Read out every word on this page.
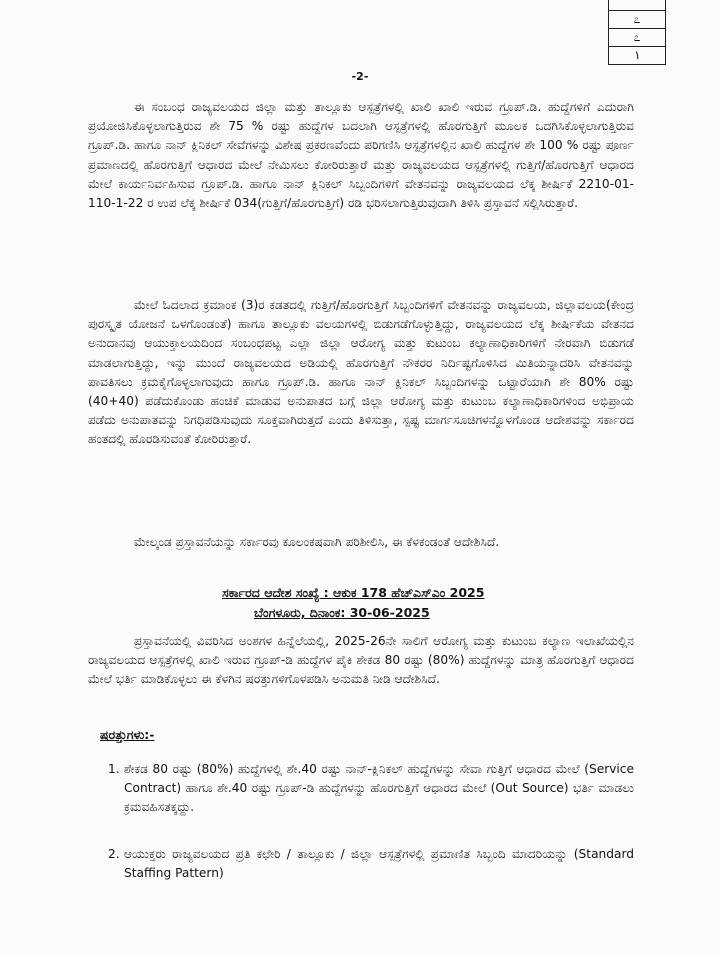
೭
೭
١
-2-

ಈ ಸಂಬಂಧ ರಾಜ್ಯವಲಯದ ಜಿಲ್ಲಾ ಮತ್ತು ತಾಲ್ಲೂಕು ಆಸ್ಪತ್ರೆಗಳಲ್ಲಿ ಖಾಲಿ ಖಾಲಿ ಇರುವ ಗ್ರೂಪ್.ಡಿ. ಹುದ್ದೆಗಳಿಗೆ ಎದುರಾಗಿ ಪ್ರಯೋಜಿಸಿಕೊಳ್ಳಲಾಗುತ್ತಿರುವ ಶೇ 75 % ರಷ್ಟು ಹುದ್ದೆಗಳ ಬದಲಾಗಿ ಆಸ್ಪತ್ರೆಗಳಲ್ಲಿ ಹೊರಗುತ್ತಿಗೆ ಮೂಲಕ ಒದಗಿಸಿಕೊಳ್ಳಲಾಗುತ್ತಿರುವ ಗ್ರೂಪ್.ಡಿ. ಹಾಗೂ ನಾನ್ ಕ್ಲಿನಿಕಲ್ ಸೇವೆಗಳನ್ನು ವಿಶೇಷ ಪ್ರಕರಣವೆಂದು ಪರಿಗಣಿಸಿ ಆಸ್ಪತ್ರೆಗಳಲ್ಲಿನ ಖಾಲಿ ಹುದ್ದೆಗಳ ಶೇ 100 % ರಷ್ಟು ಪೂರ್ಣ ಪ್ರಮಾಣದಲ್ಲಿ ಹೊರಗುತ್ತಿಗೆ ಆಧಾರದ ಮೇಲೆ ನೇಮಿಸಲು ಕೋರಿರುತ್ತಾರೆ ಮತ್ತು ರಾಜ್ಯವಲಯದ ಆಸ್ಪತ್ರೆಗಳಲ್ಲಿ ಗುತ್ತಿಗೆ/ಹೊರಗುತ್ತಿಗೆ ಆಧಾರದ ಮೇಲೆ ಕಾರ್ಯನಿರ್ವಹಿಸುವ ಗ್ರೂಪ್.ಡಿ. ಹಾಗೂ ನಾನ್ ಕ್ಲಿನಿಕಲ್ ಸಿಬ್ಬಂದಿಗಳಿಗೆ ವೇತನವನ್ನು ರಾಜ್ಯವಲಯದ ಲೆಕ್ಕ ಶೀರ್ಷಿಕೆ 2210-01-110-1-22 ರ ಉಪ ಲೆಕ್ಕ ಶೀರ್ಷಿಕೆ 034(ಗುತ್ತಿಗೆ/ಹೊರಗುತ್ತಿಗೆ) ರಡಿ ಭರಿಸಲಾಗುತ್ತಿರುವುದಾಗಿ ತಿಳಿಸಿ ಪ್ರಸ್ತಾವನೆ ಸಲ್ಲಿಸಿರುತ್ತಾರೆ.

ಮೇಲೆ ಓದಲಾದ ಕ್ರಮಾಂಕ (3)ರ ಕಡತದಲ್ಲಿ ಗುತ್ತಿಗೆ/ಹೊರಗುತ್ತಿಗೆ ಸಿಬ್ಬಂದಿಗಳಿಗೆ ವೇತನವನ್ನು ರಾಜ್ಯವಲಯ, ಜಿಲ್ಲಾವಲಯ(ಕೇಂದ್ರ ಪುರಸ್ಕೃತ ಯೋಜನೆ ಒಳಗೊಂಡಂತೆ) ಹಾಗೂ ತಾಲ್ಲೂಕು ವಲಯಗಳಲ್ಲಿ ಬಿಡುಗಡೆಗೊಳ್ಳುತ್ತಿದ್ದು, ರಾಜ್ಯವಲಯದ ಲೆಕ್ಕ ಶೀರ್ಷಿಕೆಯ ವೇತನದ ಅನುದಾನವು ಆಯುಕ್ತಾಲಯದಿಂದ ಸಂಬಂಧಪಟ್ಟ ಎಲ್ಲಾ ಜಿಲ್ಲಾ ಆರೋಗ್ಯ ಮತ್ತು ಕುಟುಂಬ ಕಲ್ಯಾಣಾಧಿಕಾರಿಗಳಿಗೆ ನೇರವಾಗಿ ಬಿಡುಗಡೆ ಮಾಡಲಾಗುತ್ತಿದ್ದು, ಇನ್ನು ಮುಂದೆ ರಾಜ್ಯವಲಯದ ಅಡಿಯಲ್ಲಿ ಹೊರಗುತ್ತಿಗೆ ನೌಕರರ ನಿರ್ದಿಷ್ಟಗೊಳಿಸಿದ ಮಿತಿಯನ್ನಾದರಿಸಿ ವೇತನವನ್ನು ಪಾವತಿಸಲು ಕ್ರಮಕೈಗೊಳ್ಳಲಾಗುವುದು ಹಾಗೂ ಗ್ರೂಪ್.ಡಿ. ಹಾಗೂ ನಾನ್ ಕ್ಲಿನಿಕಲ್ ಸಿಬ್ಬಂದಿಗಳನ್ನು ಒಟ್ಟಾರೆಯಾಗಿ ಶೇ 80% ರಷ್ಟು (40+40) ಪಡೆದುಕೊಂಡು ಹಂಚಿಕೆ ಮಾಡುವ ಅನುಪಾತದ ಬಗ್ಗೆ ಜಿಲ್ಲಾ ಆರೋಗ್ಯ ಮತ್ತು ಕುಟುಂಬ ಕಲ್ಯಾಣಾಧಿಕಾರಿಗಳಿಂದ ಅಭಿಪ್ರಾಯ ಪಡೆದು ಅನುಪಾತವನ್ನು ನಿಗಧಿಪಡಿಸುವುದು ಸೂಕ್ತವಾಗಿರುತ್ತದೆ ಎಂದು ತಿಳಿಸುತ್ತಾ, ಸ್ಪಷ್ಟ ಮಾರ್ಗಸೂಚಿಗಳನ್ನೊಳಗೊಂಡ ಆದೇಶವನ್ನು ಸರ್ಕಾರದ ಹಂತದಲ್ಲಿ ಹೊರಡಿಸುವಂತೆ ಕೋರಿರುತ್ತಾರೆ.

ಮೇಲ್ಕಂಡ ಪ್ರಸ್ತಾವನೆಯನ್ನು ಸರ್ಕಾರವು ಕೂಲಂಕಷವಾಗಿ ಪರಿಶೀಲಿಸಿ, ಈ ಕೆಳಕಂಡಂತೆ ಆದೇಶಿಸಿದೆ.

ಸರ್ಕಾರದ ಆದೇಶ ಸಂಖ್ಯೆ : ಆಕುಕ 178 ಹೆಚ್‌ಎಸ್‌ಎಂ 2025
ಬೆಂಗಳೂರು, ದಿನಾಂಕ: 30-06-2025

ಪ್ರಸ್ತಾವನೆಯಲ್ಲಿ ವಿವರಿಸಿದ ಅಂಶಗಳ ಹಿನ್ನೆಲೆಯಲ್ಲಿ, 2025-26ನೇ ಸಾಲಿಗೆ ಆರೋಗ್ಯ ಮತ್ತು ಕುಟುಂಬ ಕಲ್ಯಾಣ ಇಲಾಖೆಯಲ್ಲಿನ ರಾಜ್ಯವಲಯದ ಆಸ್ಪತ್ರೆಗಳಲ್ಲಿ ಖಾಲಿ ಇರುವ ಗ್ರೂಪ್-ಡಿ ಹುದ್ದೆಗಳ ಪೈಕಿ ಶೇಕಡ 80 ರಷ್ಟು (80%) ಹುದ್ದೆಗಳನ್ನು ಮಾತ್ರ ಹೊರಗುತ್ತಿಗೆ ಆಧಾರದ ಮೇಲೆ ಭರ್ತಿ ಮಾಡಿಕೊಳ್ಳಲು ಈ ಕೆಳಗಿನ ಷರತ್ತುಗಳಿಗೊಳಪಡಿಸಿ ಅನುಮತಿ ನೀಡಿ ಆದೇಶಿಸಿದೆ.

ಷರತ್ತುಗಳು:-

1. ಶೇಕಡ 80 ರಷ್ಟು (80%) ಹುದ್ದೆಗಳಲ್ಲಿ ಶೇ.40 ರಷ್ಟು ನಾನ್-ಕ್ಲಿನಿಕಲ್ ಹುದ್ದೆಗಳನ್ನು ಸೇವಾ ಗುತ್ತಿಗೆ ಆಧಾರದ ಮೇಲೆ (Service Contract) ಹಾಗೂ ಶೇ.40 ರಷ್ಟು ಗ್ರೂಪ್-ಡಿ ಹುದ್ದೆಗಳನ್ನು ಹೊರಗುತ್ತಿಗೆ ಆಧಾರದ ಮೇಲೆ (Out Source) ಭರ್ತಿ ಮಾಡಲು ಕ್ರಮವಹಿಸತಕ್ಕದ್ದು.
2. ಆಯುಕ್ತರು ರಾಜ್ಯವಲಯದ ಪ್ರತಿ ಕಛೇರಿ / ತಾಲ್ಲೂಕು / ಜಿಲ್ಲಾ ಆಸ್ಪತ್ರೆಗಳಲ್ಲಿ ಪ್ರಮಾಣಿತ ಸಿಬ್ಬಂದಿ ಮಾದರಿಯನ್ನು (Standard Staffing Pattern)
